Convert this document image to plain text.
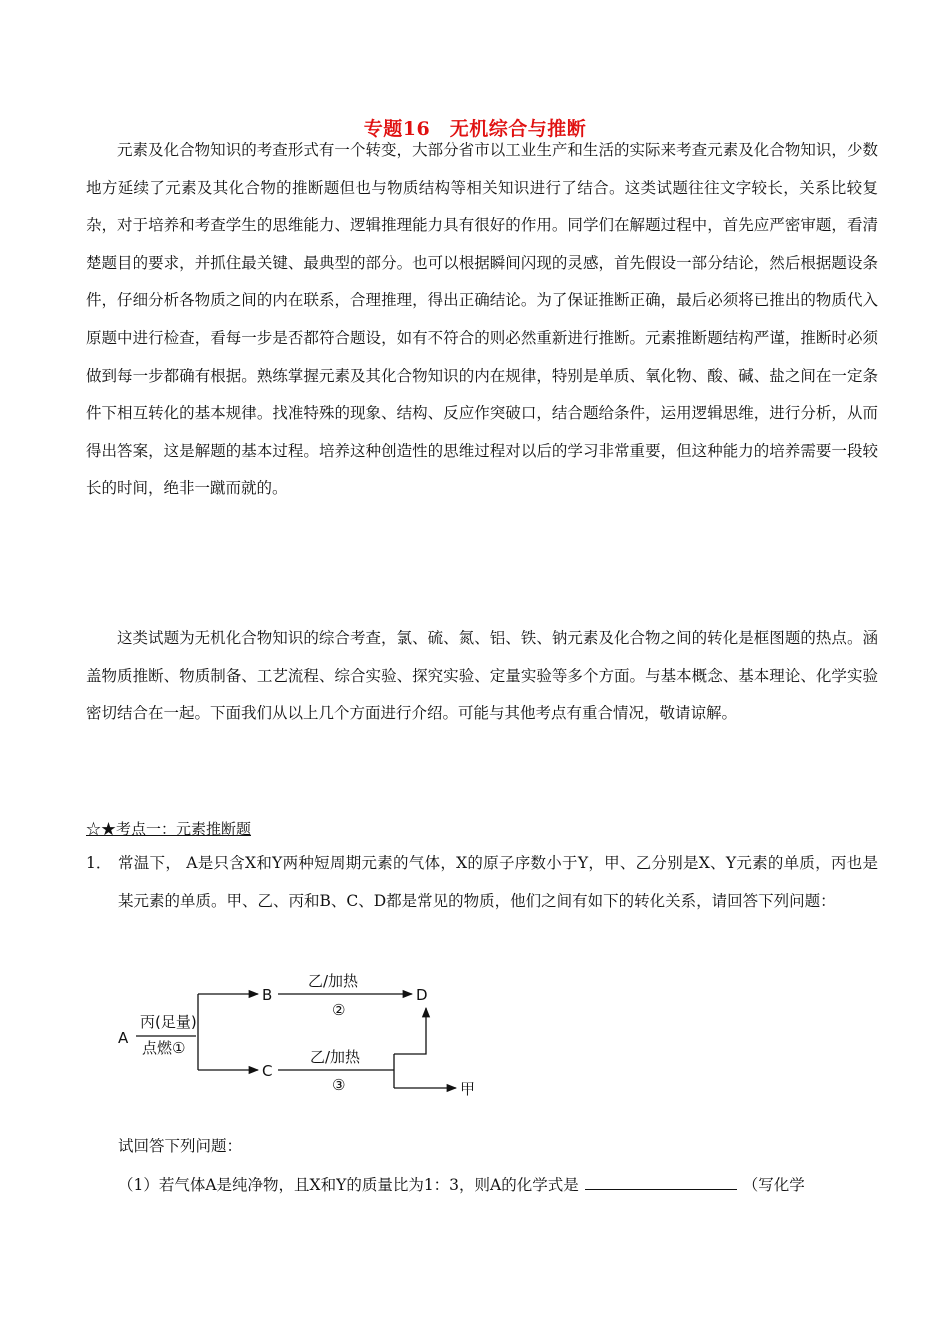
专题16　无机综合与推断

元素及化合物知识的考查形式有一个转变，大部分省市以工业生产和生活的实际来考查元素及化合物知识，少数地方延续了元素及其化合物的推断题但也与物质结构等相关知识进行了结合。这类试题往往文字较长，关系比较复杂，对于培养和考查学生的思维能力、逻辑推理能力具有很好的作用。同学们在解题过程中，首先应严密审题，看清楚题目的要求，并抓住最关键、最典型的部分。也可以根据瞬间闪现的灵感，首先假设一部分结论，然后根据题设条件，仔细分析各物质之间的内在联系，合理推理，得出正确结论。为了保证推断正确，最后必须将已推出的物质代入原题中进行检查，看每一步是否都符合题设，如有不符合的则必然重新进行推断。元素推断题结构严谨，推断时必须做到每一步都确有根据。熟练掌握元素及其化合物知识的内在规律，特别是单质、氧化物、酸、碱、盐之间在一定条件下相互转化的基本规律。找准特殊的现象、结构、反应作突破口，结合题给条件，运用逻辑思维，进行分析，从而得出答案，这是解题的基本过程。培养这种创造性的思维过程对以后的学习非常重要，但这种能力的培养需要一段较长的时间，绝非一蹴而就的。

这类试题为无机化合物知识的综合考查，氯、硫、氮、铝、铁、钠元素及化合物之间的转化是框图题的热点。涵盖物质推断、物质制备、工艺流程、综合实验、探究实验、定量实验等多个方面。与基本概念、基本理论、化学实验密切结合在一起。下面我们从以上几个方面进行介绍。可能与其他考点有重合情况，敬请谅解。

☆★考点一：元素推断题
1． 常温下， A是只含X和Y两种短周期元素的气体，X的原子序数小于Y，甲、乙分别是X、Y元素的单质，丙也是某元素的单质。甲、乙、丙和B、C、D都是常见的物质，他们之间有如下的转化关系，请回答下列问题：
A
丙(足量)
点燃①
B
C
乙/加热
②
D
乙/加热
③	甲
试回答下列问题：
（1）若气体A是纯净物，且X和Y的质量比为1：3，则A的化学式是	（写化学
